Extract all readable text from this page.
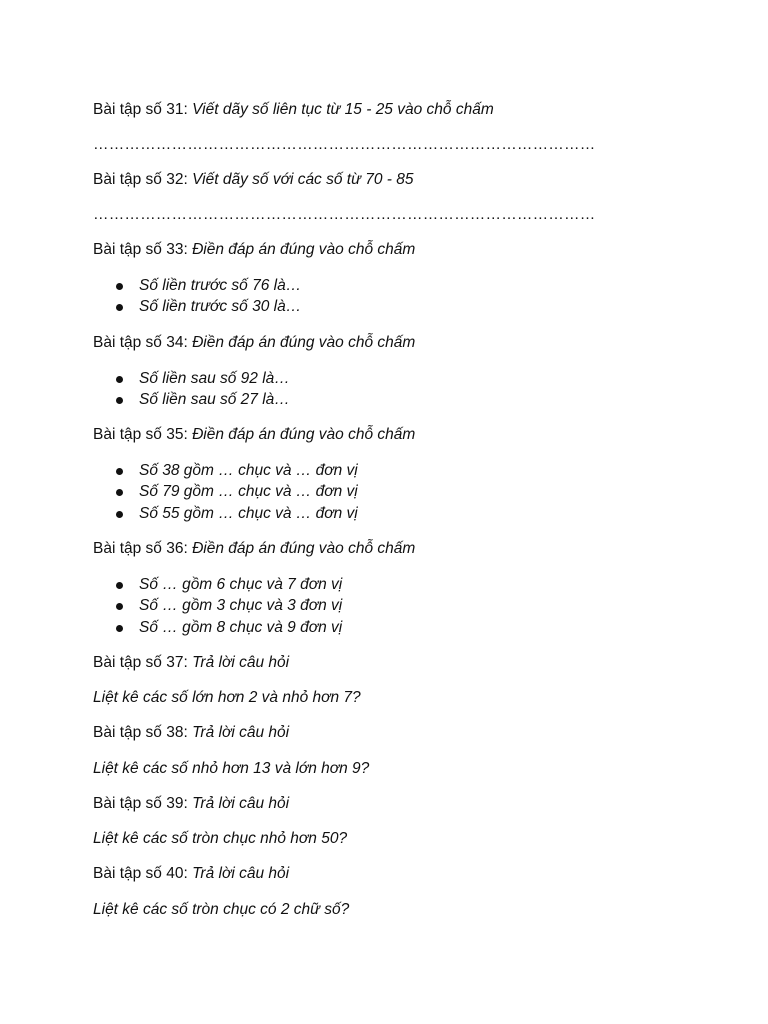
Bài tập số 31: Viết dãy số liên tục từ 15 - 25 vào chỗ chấm

……………………………………………………………………………………

Bài tập số 32: Viết dãy số với các số từ 70 - 85

……………………………………………………………………………………

Bài tập số 33: Điền đáp án đúng vào chỗ chấm

Số liền trước số 76 là…
Số liền trước số 30 là…

Bài tập số 34: Điền đáp án đúng vào chỗ chấm

Số liền sau số 92 là…
Số liền sau số 27 là…

Bài tập số 35: Điền đáp án đúng vào chỗ chấm

Số 38 gồm … chục và … đơn vị
Số 79 gồm … chục và … đơn vị
Số 55 gồm … chục và … đơn vị

Bài tập số 36: Điền đáp án đúng vào chỗ chấm

Số … gồm 6 chục và 7 đơn vị
Số … gồm 3 chục và 3 đơn vị
Số … gồm 8 chục và 9 đơn vị

Bài tập số 37: Trả lời câu hỏi

Liệt kê các số lớn hơn 2 và nhỏ hơn 7?

Bài tập số 38: Trả lời câu hỏi

Liệt kê các số nhỏ hơn 13 và lớn hơn 9?

Bài tập số 39: Trả lời câu hỏi

Liệt kê các số tròn chục nhỏ hơn 50?

Bài tập số 40: Trả lời câu hỏi

Liệt kê các số tròn chục có 2 chữ số?
